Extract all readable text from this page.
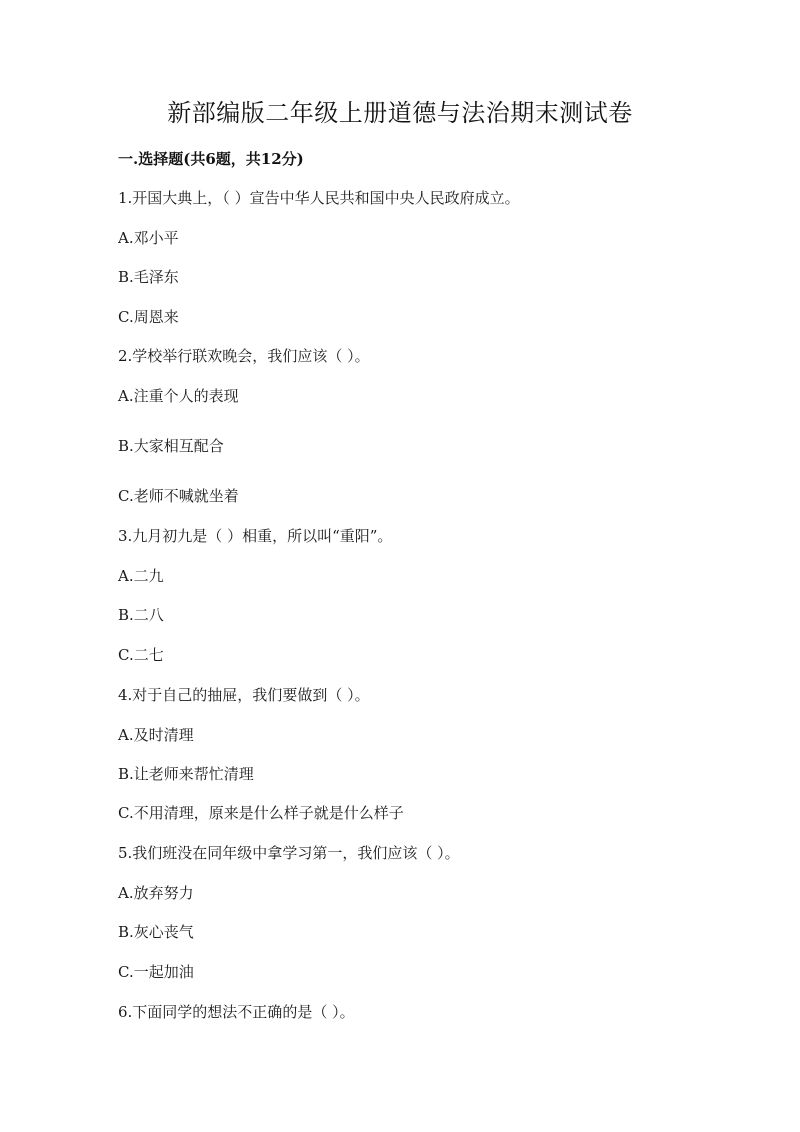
新部编版二年级上册道德与法治期末测试卷
一.选择题(共6题，共12分)
1.开国大典上，（ ）宣告中华人民共和国中央人民政府成立。
A.邓小平
B.毛泽东
C.周恩来
2.学校举行联欢晚会，我们应该（ ）。
A.注重个人的表现
B.大家相互配合
C.老师不喊就坐着
3.九月初九是（ ）相重，所以叫“重阳”。
A.二九
B.二八
C.二七
4.对于自己的抽屉，我们要做到（ ）。
A.及时清理
B.让老师来帮忙清理
C.不用清理，原来是什么样子就是什么样子
5.我们班没在同年级中拿学习第一，我们应该（ ）。
A.放弃努力
B.灰心丧气
C.一起加油
6.下面同学的想法不正确的是（ ）。
